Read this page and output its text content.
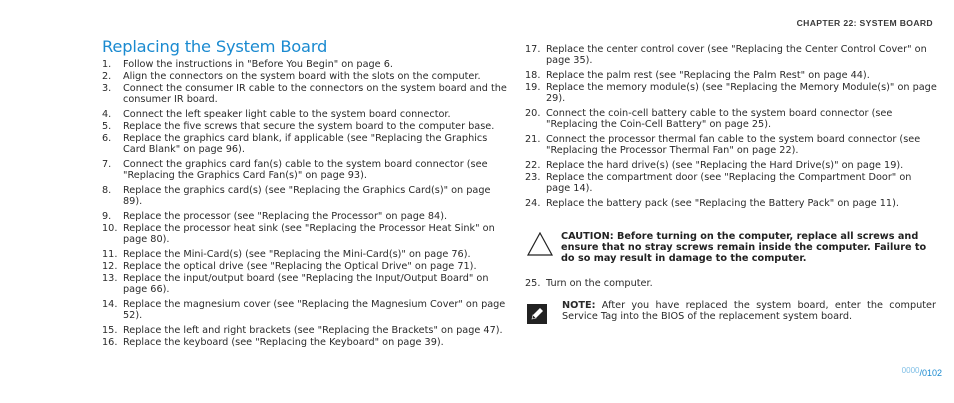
CHAPTER 22: SYSTEM BOARD
Replacing the System Board
1. Follow the instructions in "Before You Begin" on page 6.
2. Align the connectors on the system board with the slots on the computer.
3. Connect the consumer IR cable to the connectors on the system board and the consumer IR board.
4. Connect the left speaker light cable to the system board connector.
5. Replace the five screws that secure the system board to the computer base.
6. Replace the graphics card blank, if applicable (see "Replacing the Graphics Card Blank" on page 96).
7. Connect the graphics card fan(s) cable to the system board connector (see "Replacing the Graphics Card Fan(s)" on page 93).
8. Replace the graphics card(s) (see "Replacing the Graphics Card(s)" on page 89).
9. Replace the processor (see "Replacing the Processor" on page 84).
10. Replace the processor heat sink (see "Replacing the Processor Heat Sink" on page 80).
11. Replace the Mini-Card(s) (see "Replacing the Mini-Card(s)" on page 76).
12. Replace the optical drive (see "Replacing the Optical Drive" on page 71).
13. Replace the input/output board (see "Replacing the Input/Output Board" on page 66).
14. Replace the magnesium cover (see "Replacing the Magnesium Cover" on page 52).
15. Replace the left and right brackets (see "Replacing the Brackets" on page 47).
16. Replace the keyboard (see "Replacing the Keyboard" on page 39).
17. Replace the center control cover (see "Replacing the Center Control Cover" on page 35).
18. Replace the palm rest (see "Replacing the Palm Rest" on page 44).
19. Replace the memory module(s) (see "Replacing the Memory Module(s)" on page 29).
20. Connect the coin-cell battery cable to the system board connector (see "Replacing the Coin-Cell Battery" on page 25).
21. Connect the processor thermal fan cable to the system board connector (see "Replacing the Processor Thermal Fan" on page 22).
22. Replace the hard drive(s) (see "Replacing the Hard Drive(s)" on page 19).
23. Replace the compartment door (see "Replacing the Compartment Door" on page 14).
24. Replace the battery pack (see "Replacing the Battery Pack" on page 11).
CAUTION: Before turning on the computer, replace all screws and ensure that no stray screws remain inside the computer. Failure to do so may result in damage to the computer.
25. Turn on the computer.
NOTE: After you have replaced the system board, enter the computer Service Tag into the BIOS of the replacement system board.
0000/0102
